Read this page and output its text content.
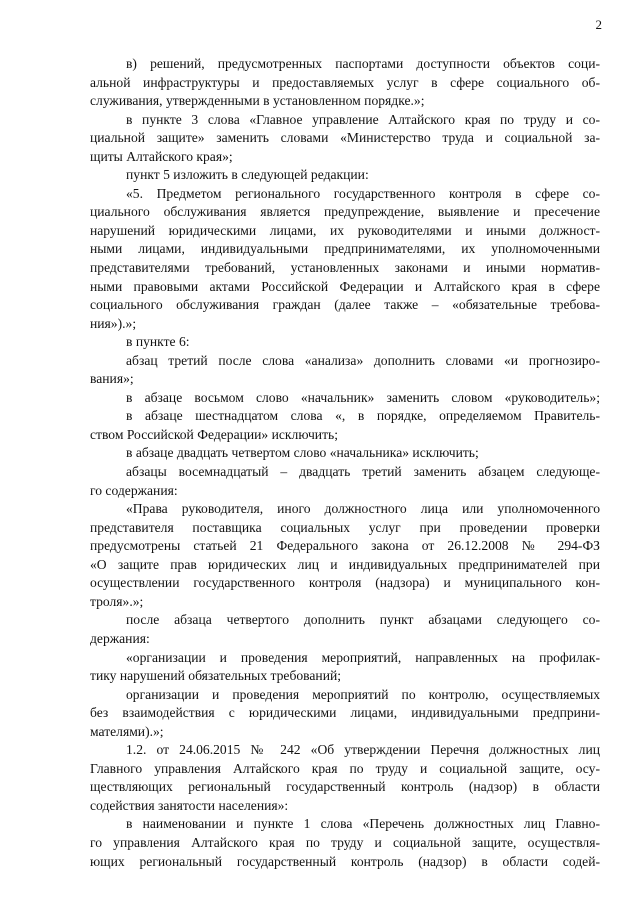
2
в) решений, предусмотренных паспортами доступности объектов соци-
альной инфраструктуры и предоставляемых услуг в сфере социального об-
служивания, утвержденными в установленном порядке.»;
в пункте 3 слова «Главное управление Алтайского края по труду и со-
циальной защите» заменить словами «Министерство труда и социальной за-
щиты Алтайского края»;
пункт 5 изложить в следующей редакции:
«5. Предметом регионального государственного контроля в сфере со-
циального обслуживания является предупреждение, выявление и пресечение
нарушений юридическими лицами, их руководителями и иными должност-
ными лицами, индивидуальными предпринимателями, их уполномоченными
представителями требований, установленных законами и иными норматив-
ными правовыми актами Российской Федерации и Алтайского края в сфере
социального обслуживания граждан (далее также – «обязательные требова-
ния»).»;
в пункте 6:
абзац третий после слова «анализа» дополнить словами «и прогнозиро-
вания»;
в абзаце восьмом слово «начальник» заменить словом «руководитель»;
в абзаце шестнадцатом слова «, в порядке, определяемом Правитель-
ством Российской Федерации» исключить;
в абзаце двадцать четвертом слово «начальника» исключить;
абзацы восемнадцатый – двадцать третий заменить абзацем следующе-
го содержания:
«Права руководителя, иного должностного лица или уполномоченного
представителя поставщика социальных услуг при проведении проверки
предусмотрены статьей 21 Федерального закона от 26.12.2008 № 294-ФЗ
«О защите прав юридических лиц и индивидуальных предпринимателей при
осуществлении государственного контроля (надзора) и муниципального кон-
троля».»;
после абзаца четвертого дополнить пункт абзацами следующего со-
держания:
«организации и проведения мероприятий, направленных на профилак-
тику нарушений обязательных требований;
организации и проведения мероприятий по контролю, осуществляемых
без взаимодействия с юридическими лицами, индивидуальными предприни-
мателями).»;
1.2. от 24.06.2015 № 242 «Об утверждении Перечня должностных лиц
Главного управления Алтайского края по труду и социальной защите, осу-
ществляющих региональный государственный контроль (надзор) в области
содействия занятости населения»:
в наименовании и пункте 1 слова «Перечень должностных лиц Главно-
го управления Алтайского края по труду и социальной защите, осуществля-
ющих региональный государственный контроль (надзор) в области содей-
